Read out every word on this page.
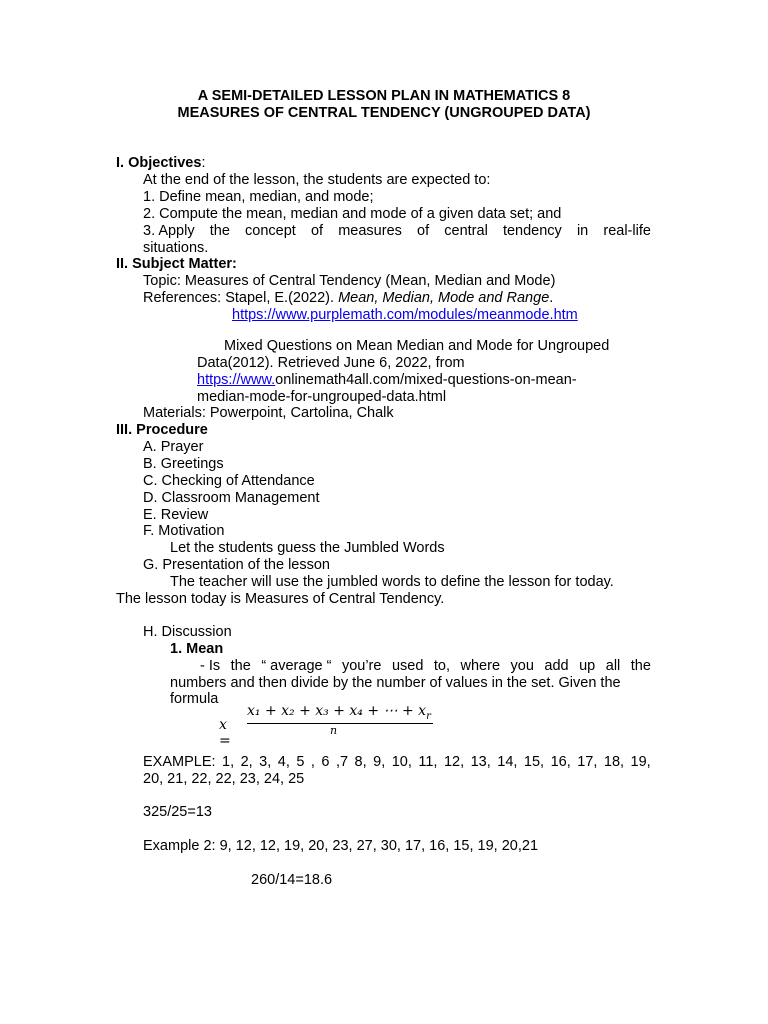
A SEMI-DETAILED LESSON PLAN IN MATHEMATICS 8
MEASURES OF CENTRAL TENDENCY (UNGROUPED DATA)
I. Objectives:
At the end of the lesson, the students are expected to:
1. Define mean, median, and mode;
2. Compute the mean, median and mode of a given data set; and
3. Apply the concept of measures of central tendency in real-life
situations.
II. Subject Matter:
Topic: Measures of Central Tendency (Mean, Median and Mode)
References: Stapel, E.(2022). Mean, Median, Mode and Range.
https://www.purplemath.com/modules/meanmode.htm
Mixed Questions on Mean Median and Mode for Ungrouped
Data(2012). Retrieved June 6, 2022, from
https://www.onlinemath4all.com/mixed-questions-on-mean-
median-mode-for-ungrouped-data.html
Materials: Powerpoint, Cartolina, Chalk
III. Procedure
A. Prayer
B. Greetings
C. Checking of Attendance
D. Classroom Management
E. Review
F. Motivation
Let the students guess the Jumbled Words
G. Presentation of the lesson
The teacher will use the jumbled words to define the lesson for today.
The lesson today is Measures of Central Tendency.
H. Discussion
1. Mean
- Is the “ average “ you’re used to, where you add up all the
numbers and then divide by the number of values in the set. Given the
formula
x =
x₁ + x₂ + x₃ + x₄ + ⋯ + $x_r$
n
EXAMPLE: 1, 2, 3, 4, 5 , 6 ,7 8, 9, 10, 11, 12, 13, 14, 15, 16, 17, 18, 19,
20, 21, 22, 22, 23, 24, 25
325/25=13
Example 2: 9, 12, 12, 19, 20, 23, 27, 30, 17, 16, 15, 19, 20,21
260/14=18.6
